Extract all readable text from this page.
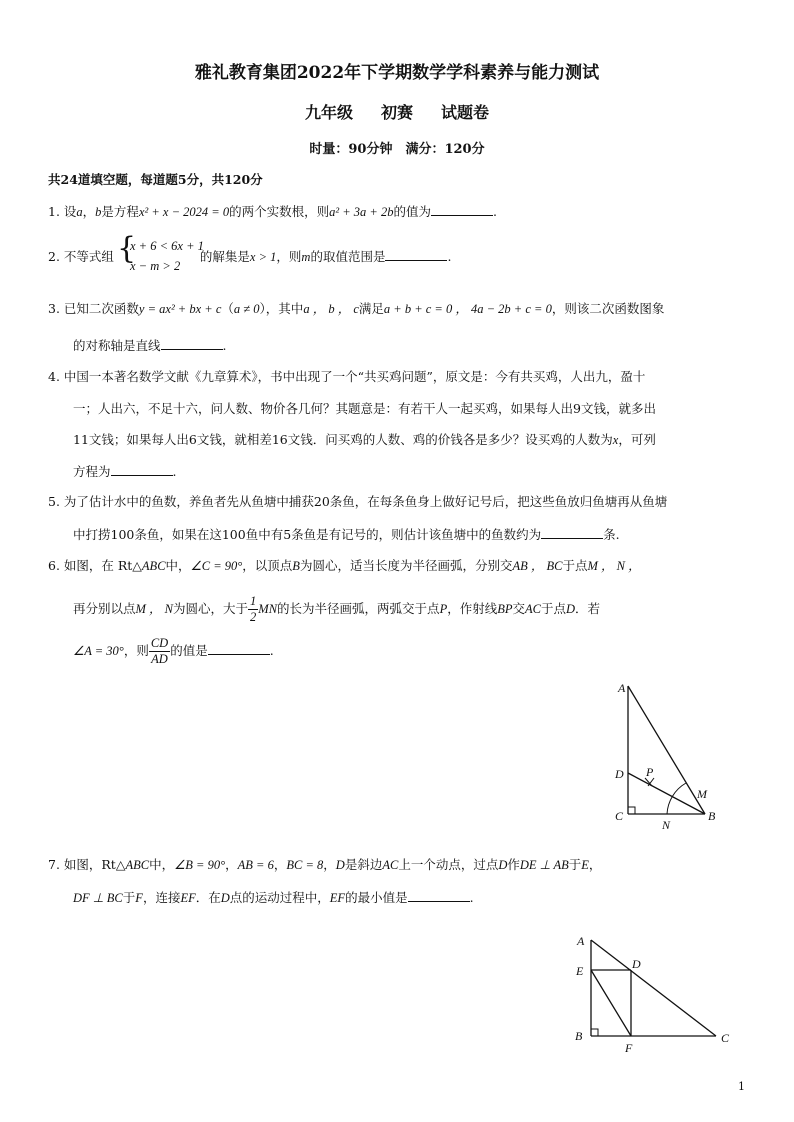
雅礼教育集团2022年下学期数学学科素养与能力测试
九年级 初赛 试题卷
时量：90分钟　满分：120分
共24道填空题，每道题5分，共120分
1. 设a，b是方程x² + x − 2024 = 0的两个实数根，则a² + 3a + 2b的值为	.
2. 不等式组	的解集是x > 1，则m的取值范围是	.
{
x + 6 < 6x + 1
x − m > 2
3. 已知二次函数y = ax² + bx + c（a ≠ 0），其中a ， b ， c满足a + b + c = 0 ， 4a − 2b + c = 0，则该二次函数图象
的对称轴是直线	.
4. 中国一本著名数学文献《九章算术》，书中出现了一个“共买鸡问题”，原文是：今有共买鸡，人出九，盈十
一；人出六，不足十六，问人数、物价各几何？其题意是：有若干人一起买鸡，如果每人出9文钱，就多出
11文钱；如果每人出6文钱，就相差16文钱．问买鸡的人数、鸡的价钱各是多少？设买鸡的人数为x，可列
方程为	.
5. 为了估计水中的鱼数，养鱼者先从鱼塘中捕获20条鱼，在每条鱼身上做好记号后，把这些鱼放归鱼塘再从鱼塘
中打捞100条鱼，如果在这100鱼中有5条鱼是有记号的，则估计该鱼塘中的鱼数约为	条.
6. 如图，在 Rt△ABC中，∠C = 90°，以顶点B为圆心，适当长度为半径画弧，分别交AB ， BC于点M ， N ，
再分别以点M ， N为圆心，大于 $\frac{1}{2}$ MN的长为半径画弧，两弧交于点P，作射线BP交AC于点D．若
∠A = 30°，则 $\frac{CD}{AD}$ 的值是	.
A
D P
M
C
N
B
7. 如图，Rt△ABC中，∠B = 90°，AB = 6，BC = 8，D是斜边AC上一个动点，过点D作DE ⊥ AB于E，
DF ⊥ BC于F，连接EF．在D点的运动过程中，EF的最小值是	.
A
E	D
B
F
C
1
